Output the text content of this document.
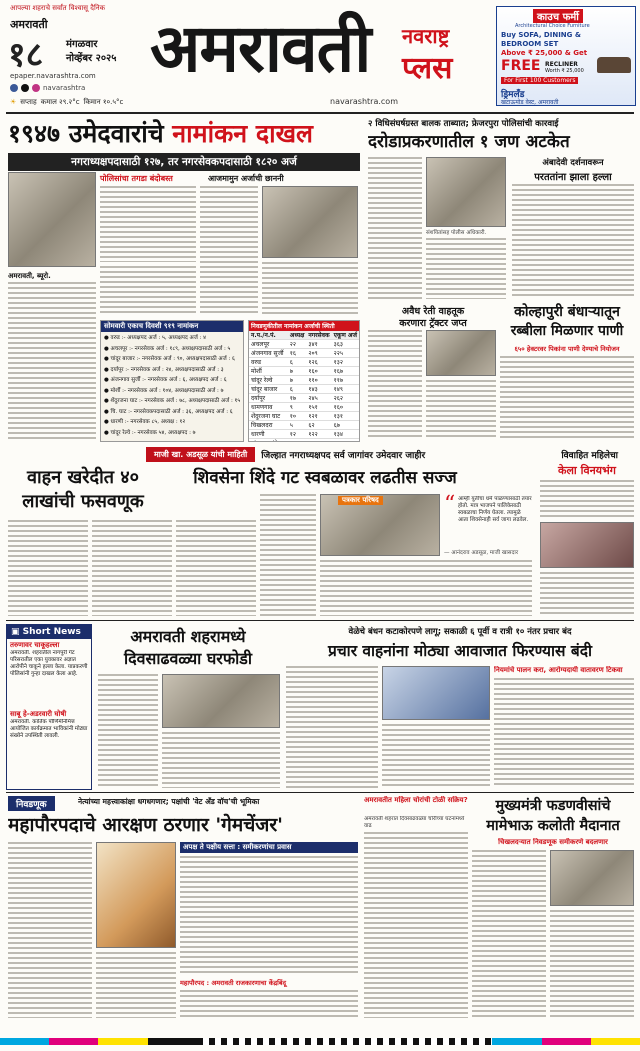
आपल्या शहराचे सर्वांत विश्वासू दैनिक
अमरावती
१८ मंगळवार
नोव्हेंबर २०२५
epaper.navarashtra.com
navarashtra
☀ सप्ताह कमाल २९.२°c किमान १०.५°c
अमरावती नवराष्ट्र
प्लस
navarashtra.com
काउच फर्मी
Architectural Choice Furniture
Buy SOFA, DINING &
BEDROOM SET
Above ₹ 25,000 & Get
FREE RECLINER
Worth ₹ 25,000
For First 100 Customers
ड्रिमलॅंड
खटाऊमोड वेस्ट, अमरावती
१९४७ उमेदवारांचे नामांकन दाखल
नगराध्यक्षपदासाठी १२७, तर नगरसेवकपदासाठी १८२० अर्ज
पोलिसांचा तगडा बंदोबस्त	आजमामुन अर्जाची छाननी
अमरावती, ब्यूरो.
सोमवारी एकाच दिवशी ९१९ नामांकन
● वरुड :- अध्यक्षपद अर्ज : ५, अध्यक्षपद अर्ज : ४
● अचलपूर :- नगरसेवक अर्ज : १८९, अध्यक्षपदासाठी अर्ज : ५
● चांदूर बाजार :- नगरसेवक अर्ज : ९०, अध्यक्षपदासाठी अर्ज : ६
● दर्यापूर :- नगरसेवक अर्ज : २४, अध्यक्षपदासाठी अर्ज : ३
● अंजनगाव सुर्जी :- नगरसेवक अर्ज : ६, अध्यक्षपद अर्ज : ६
● मोर्शी :- नगरसेवक अर्ज : १०४, अध्यक्षपदासाठी अर्ज : ७
● शेंदुरजना घाट :- नगरसेवक अर्ज : ७८, अध्यक्षपदासाठी अर्ज : १५
● चि. घाट :- नगरसेवकपदासाठी अर्ज : ३६, अध्यक्षपद अर्ज : ६
● धारणी :- नगरसेवक ८५, अध्यक्ष : १२
● चांदूर रेल्वे :- नगरसेवक ५४, अध्यक्षपद : ७
निवडणुकीतील नामांकन अर्जाची स्थिती
न.प./न.पं.	अध्यक्ष	नगरसेवक	एकूण अर्ज
अचलपूर	२२	३४१	३६३
अंजनगाव सुर्जी	१६	२०९	२२५
वरुड	६	१२६	१३२
मोर्शी	७	१६०	१६७
चांदूर रेल्वे	७	११०	११७
चांदूर बाजार	६	१४३	१४९
दर्यापूर	१७	२४५	२६२
धामणगाव	९	१५१	१६०
शेंदुरजना घाट	१०	१२१	१३१
चिखलदरा	५	६२	६७
धारणी	१२	१२२	१३४

२ विधिसंघर्षग्रस्त बालक ताब्यात; फ्रेजरपुरा पोलिसांची कारवाई
दरोडाप्रकरणातील १ जण अटकेत
संशयितांसह पोलीस अधिकारी.
अंबादेवी दर्शनावरून
परततांना झाला हल्ला
अवैध रेती वाहतूक
करणारा ट्रॅक्टर जप्त
कोल्हापुरी बंधाऱ्यातून
रब्बीला मिळणार पाणी
६५० हेक्टरवर पिकांना पाणी देण्याचे नियोजन
माजी खा. अडसूळ यांची माहिती	जिल्हात नगराध्यक्षपद सर्व जागांवर उमेदवार जाहीर	विवाहित महिलेचा
वाहन खरेदीत ४०
लाखांची फसवणूक
शिवसेना शिंदे गट स्वबळावर लढतीस सज्ज
पत्रकार परिषद	“ आम्ही युतीचा धर्म पाळण्यासाठी तयार होतो. मात्र भाजपने पालिकेसाठी स्वबळाचा निर्णय घेतला. त्यामुळे आता शिवसेनाही सर्व जागा लढवेल.
— आनंदराव अडसूळ, माजी खासदार
केला विनयभंग
▣ Short News
तरुणावर चाकूहल्ला
अमरावती. शहरातील नागपुरी गेट परिसरातील एका युवकावर अज्ञात आरोपीने चाकूने हल्ला केला. याप्रकरणी पोलिसांनी गुन्हा दाखल केला आहे.
साबू हे-अडरवारी घोषी
अमरावती. कार्तिक पौर्णिमेनिमित्त आयोजित कार्यक्रमात भाविकांनी मोठ्या संख्येने उपस्थिती लावली.
अमरावती शहरामध्ये
दिवसाढवळ्या घरफोडी
वेळेचे बंधन कटाकोरपणे लागू; सकाळी ६ पूर्वी व रात्री १० नंतर प्रचार बंद
प्रचार वाहनांना मोठ्या आवाजात फिरण्यास बंदी
नियमांचे पालन करा, आरोग्यदायी वातावरण टिकवा
निवडणूक	नेत्यांच्या महत्त्वाकांक्षा धगधगणार; पक्षांची 'वेट ॲंड वॉच'ची भूमिका
महापौरपदाचे आरक्षण ठरणार 'गेमचेंजर'
अपक्ष ते पक्षीय सत्ता : समीकरणांचा प्रवास
महापौरपद : अमरावती राजकारणाचा केंद्रबिंदू
अमरावतीत महिला चोरांची टोळी सक्रिय?
अमरावती शहरात दिवसाढवळ्या चोरीच्या घटनांमध्ये वाढ
मुख्यमंत्री फडणवीसांचे
मामेभाऊ कलोती मैदानात
चिखलदऱ्यात निवडणूक समीकरणे बदलणार
